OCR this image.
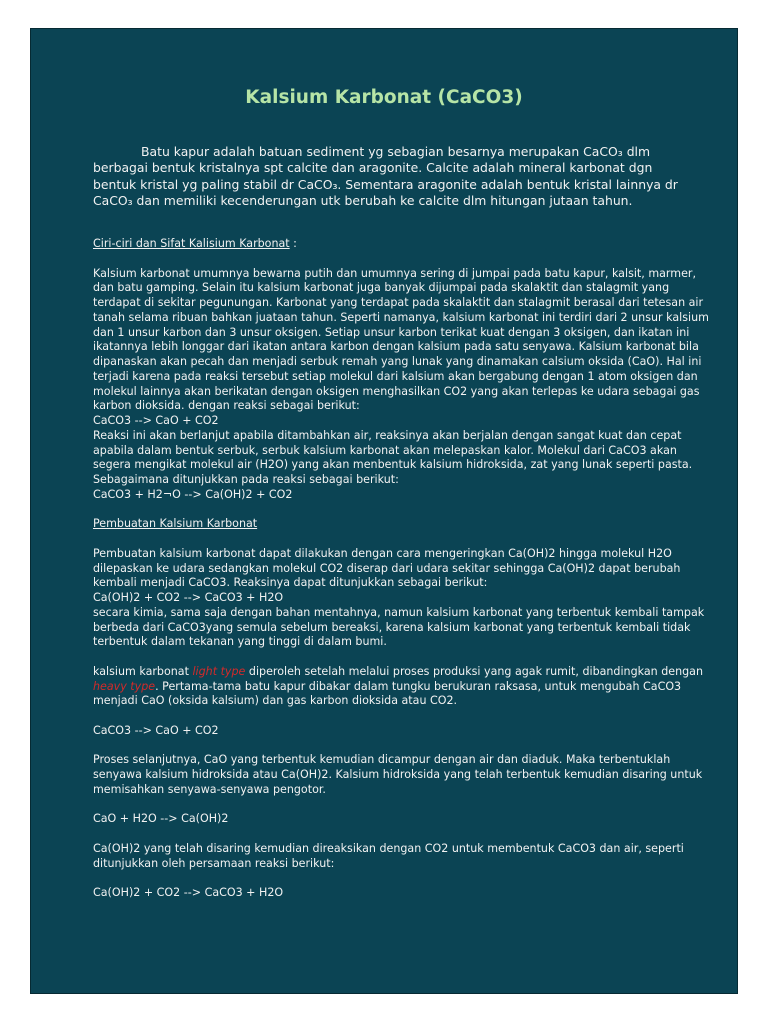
Kalsium Karbonat (CaCO3)

Batu kapur adalah batuan sediment yg sebagian besarnya merupakan CaCO₃ dlm berbagai bentuk kristalnya spt calcite dan aragonite. Calcite adalah mineral karbonat dgn bentuk kristal yg paling stabil dr CaCO₃. Sementara aragonite adalah bentuk kristal lainnya dr CaCO₃ dan memiliki kecenderungan utk berubah ke calcite dlm hitungan jutaan tahun.

Ciri-ciri dan Sifat Kalisium Karbonat :

Kalsium karbonat umumnya bewarna putih dan umumnya sering di jumpai pada batu kapur, kalsit, marmer, dan batu gamping. Selain itu kalsium karbonat juga banyak dijumpai pada skalaktit dan stalagmit yang terdapat di sekitar pegunungan. Karbonat yang terdapat pada skalaktit dan stalagmit berasal dari tetesan air tanah selama ribuan bahkan juataan tahun. Seperti namanya, kalsium karbonat ini terdiri dari 2 unsur kalsium dan 1 unsur karbon dan 3 unsur oksigen. Setiap unsur karbon terikat kuat dengan 3 oksigen, dan ikatan ini ikatannya lebih longgar dari ikatan antara karbon dengan kalsium pada satu senyawa. Kalsium karbonat bila dipanaskan akan pecah dan menjadi serbuk remah yang lunak yang dinamakan calsium oksida (CaO). Hal ini terjadi karena pada reaksi tersebut setiap molekul dari kalsium akan bergabung dengan 1 atom oksigen dan molekul lainnya akan berikatan dengan oksigen menghasilkan CO2 yang akan terlepas ke udara sebagai gas karbon dioksida. dengan reaksi sebagai berikut:

CaCO3 --> CaO + CO2

Reaksi ini akan berlanjut apabila ditambahkan air, reaksinya akan berjalan dengan sangat kuat dan cepat apabila dalam bentuk serbuk, serbuk kalsium karbonat akan melepaskan kalor. Molekul dari CaCO3 akan segera mengikat molekul air (H2O) yang akan menbentuk kalsium hidroksida, zat yang lunak seperti pasta. Sebagaimana ditunjukkan pada reaksi sebagai berikut:

CaCO3 + H2¬O --> Ca(OH)2 + CO2

Pembuatan Kalsium Karbonat

Pembuatan kalsium karbonat dapat dilakukan dengan cara mengeringkan Ca(OH)2 hingga molekul H2O dilepaskan ke udara sedangkan molekul CO2 diserap dari udara sekitar sehingga Ca(OH)2 dapat berubah kembali menjadi CaCO3. Reaksinya dapat ditunjukkan sebagai berikut:

Ca(OH)2 + CO2 --> CaCO3 + H2O

secara kimia, sama saja dengan bahan mentahnya, namun kalsium karbonat yang terbentuk kembali tampak berbeda dari CaCO3yang semula sebelum bereaksi, karena kalsium karbonat yang terbentuk kembali tidak terbentuk dalam tekanan yang tinggi di dalam bumi.

kalsium karbonat light type diperoleh setelah melalui proses produksi yang agak rumit, dibandingkan dengan heavy type. Pertama-tama batu kapur dibakar dalam tungku berukuran raksasa, untuk mengubah CaCO3 menjadi CaO (oksida kalsium) dan gas karbon dioksida atau CO2.

CaCO3 --> CaO + CO2

Proses selanjutnya, CaO yang terbentuk kemudian dicampur dengan air dan diaduk. Maka terbentuklah senyawa kalsium hidroksida atau Ca(OH)2. Kalsium hidroksida yang telah terbentuk kemudian disaring untuk memisahkan senyawa-senyawa pengotor.

CaO + H2O --> Ca(OH)2

Ca(OH)2 yang telah disaring kemudian direaksikan dengan CO2 untuk membentuk CaCO3 dan air, seperti ditunjukkan oleh persamaan reaksi berikut:

Ca(OH)2 + CO2 --> CaCO3 + H2O
